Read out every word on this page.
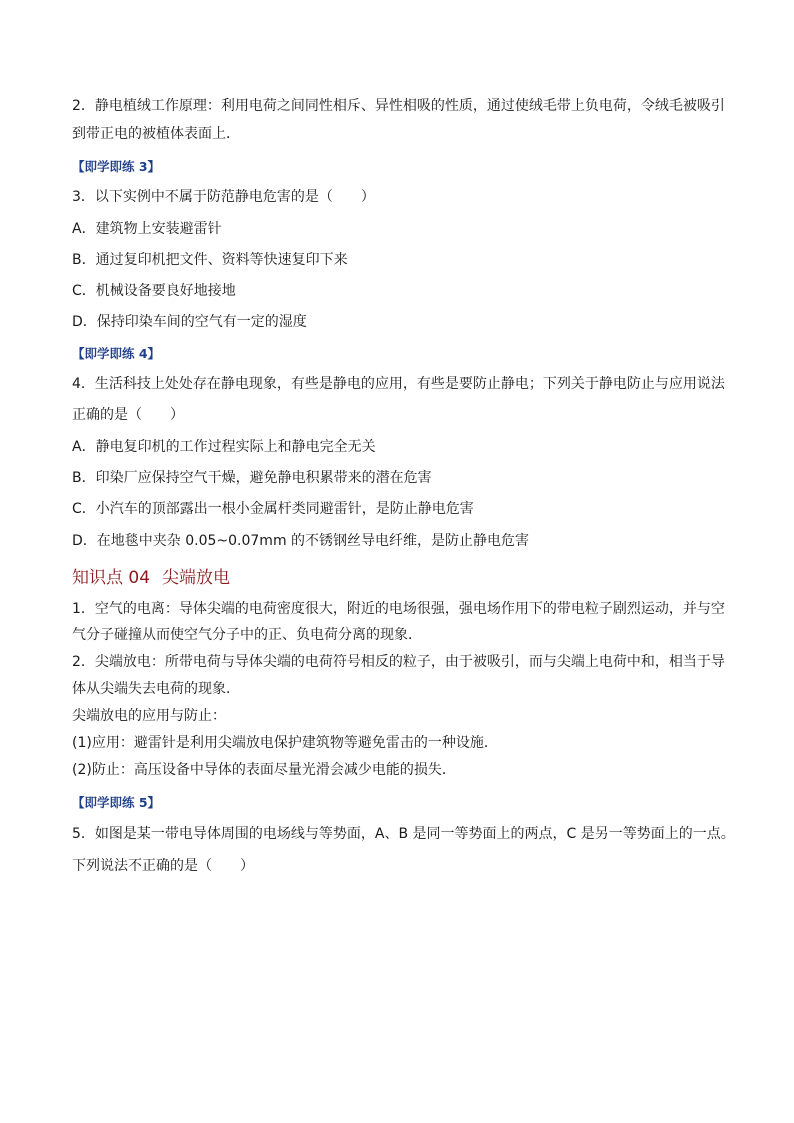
2．静电植绒工作原理：利用电荷之间同性相斥、异性相吸的性质，通过使绒毛带上负电荷，令绒毛被吸引
到带正电的被植体表面上．
【即学即练 3】
3．以下实例中不属于防范静电危害的是（　　）
A．建筑物上安装避雷针
B．通过复印机把文件、资料等快速复印下来
C．机械设备要良好地接地
D．保持印染车间的空气有一定的湿度
【即学即练 4】
4．生活科技上处处存在静电现象，有些是静电的应用，有些是要防止静电；下列关于静电防止与应用说法
正确的是（　　）
A．静电复印机的工作过程实际上和静电完全无关
B．印染厂应保持空气干燥，避免静电积累带来的潜在危害
C．小汽车的顶部露出一根小金属杆类同避雷针，是防止静电危害
D．在地毯中夹杂 0.05~0.07mm 的不锈钢丝导电纤维，是防止静电危害
知识点 04 尖端放电
1．空气的电离：导体尖端的电荷密度很大，附近的电场很强，强电场作用下的带电粒子剧烈运动，并与空
气分子碰撞从而使空气分子中的正、负电荷分离的现象．
2．尖端放电：所带电荷与导体尖端的电荷符号相反的粒子，由于被吸引，而与尖端上电荷中和，相当于导
体从尖端失去电荷的现象．
尖端放电的应用与防止：
(1)应用：避雷针是利用尖端放电保护建筑物等避免雷击的一种设施．
(2)防止：高压设备中导体的表面尽量光滑会减少电能的损失．
【即学即练 5】
5．如图是某一带电导体周围的电场线与等势面，A、B 是同一等势面上的两点，C 是另一等势面上的一点。
下列说法不正确的是（　　）
